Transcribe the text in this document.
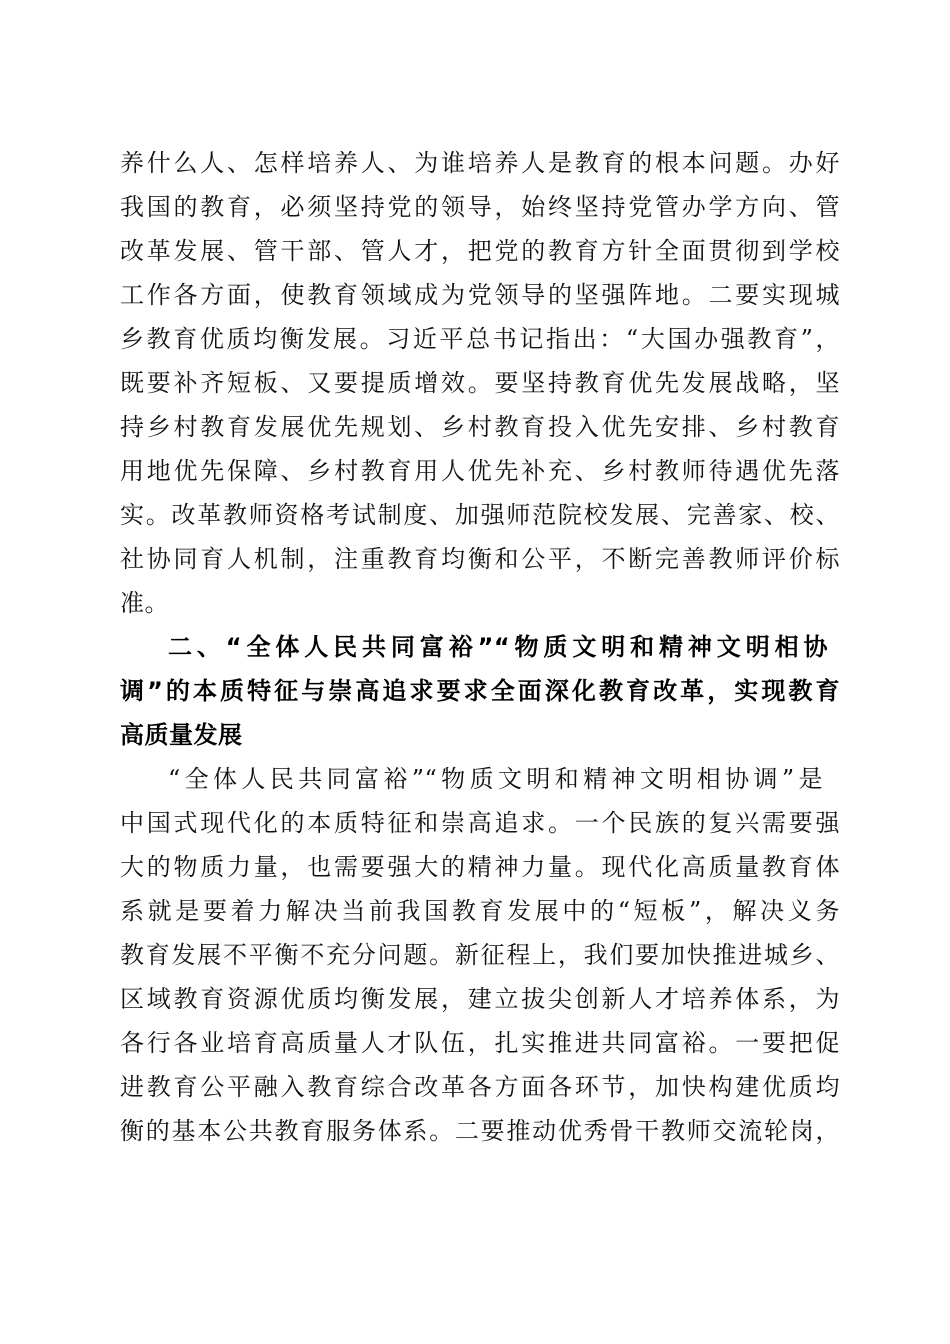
养什么人、怎样培养人、为谁培养人是教育的根本问题。办好
我国的教育，必须坚持党的领导，始终坚持党管办学方向、管
改革发展、管干部、管人才，把党的教育方针全面贯彻到学校
工作各方面，使教育领域成为党领导的坚强阵地。二要实现城
乡教育优质均衡发展。习近平总书记指出：“大国办强教育”，
既要补齐短板、又要提质增效。要坚持教育优先发展战略，坚
持乡村教育发展优先规划、乡村教育投入优先安排、乡村教育
用地优先保障、乡村教育用人优先补充、乡村教师待遇优先落
实。改革教师资格考试制度、加强师范院校发展、完善家、校、
社协同育人机制，注重教育均衡和公平，不断完善教师评价标
准。
二、“全体人民共同富裕”“物质文明和精神文明相协
调”的本质特征与崇高追求要求全面深化教育改革，实现教育
高质量发展
“全体人民共同富裕”“物质文明和精神文明相协调”是
中国式现代化的本质特征和崇高追求。一个民族的复兴需要强
大的物质力量，也需要强大的精神力量。现代化高质量教育体
系就是要着力解决当前我国教育发展中的“短板”，解决义务
教育发展不平衡不充分问题。新征程上，我们要加快推进城乡、
区域教育资源优质均衡发展，建立拔尖创新人才培养体系，为
各行各业培育高质量人才队伍，扎实推进共同富裕。一要把促
进教育公平融入教育综合改革各方面各环节，加快构建优质均
衡的基本公共教育服务体系。二要推动优秀骨干教师交流轮岗，
